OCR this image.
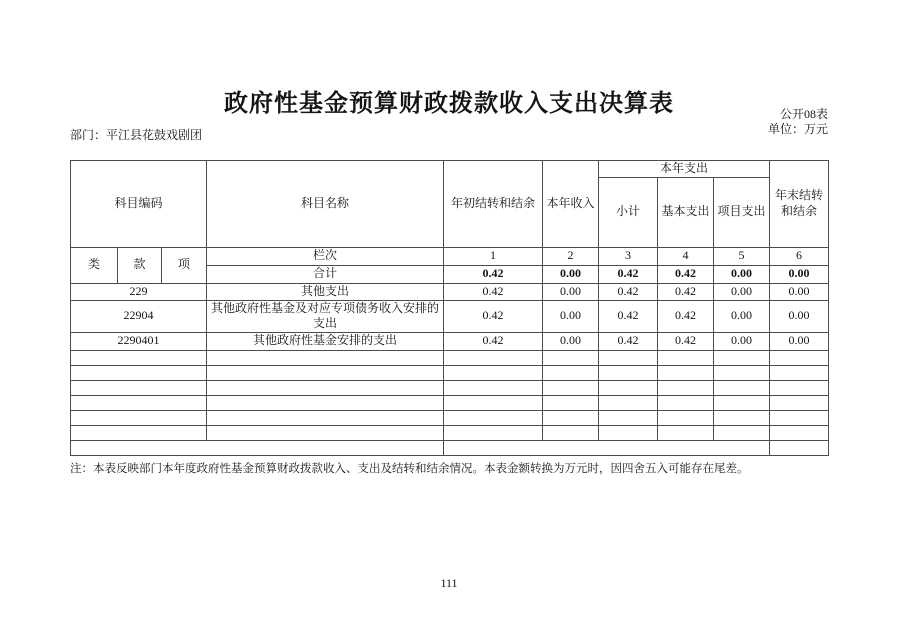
政府性基金预算财政拨款收入支出决算表	公开08表
单位：万元
部门：平江县花鼓戏剧团
科目编码			科目名称	年初结转和结余	本年收入	本年支出			年末结转和结余
						小计	基本支出	项目支出	
类	款	项	栏次	1	2	3	4	5	6
			合计	0.42	0.00	0.42	0.42	0.00	0.00
229			其他支出	0.42	0.00	0.42	0.42	0.00	0.00
22904			其他政府性基金及对应专项债务收入安排的支出	0.42	0.00	0.42	0.42	0.00	0.00
2290401			其他政府性基金安排的支出	0.42	0.00	0.42	0.42	0.00	0.00

注：本表反映部门本年度政府性基金预算财政拨款收入、支出及结转和结余情况。本表金额转换为万元时，因四舍五入可能存在尾差。
111
